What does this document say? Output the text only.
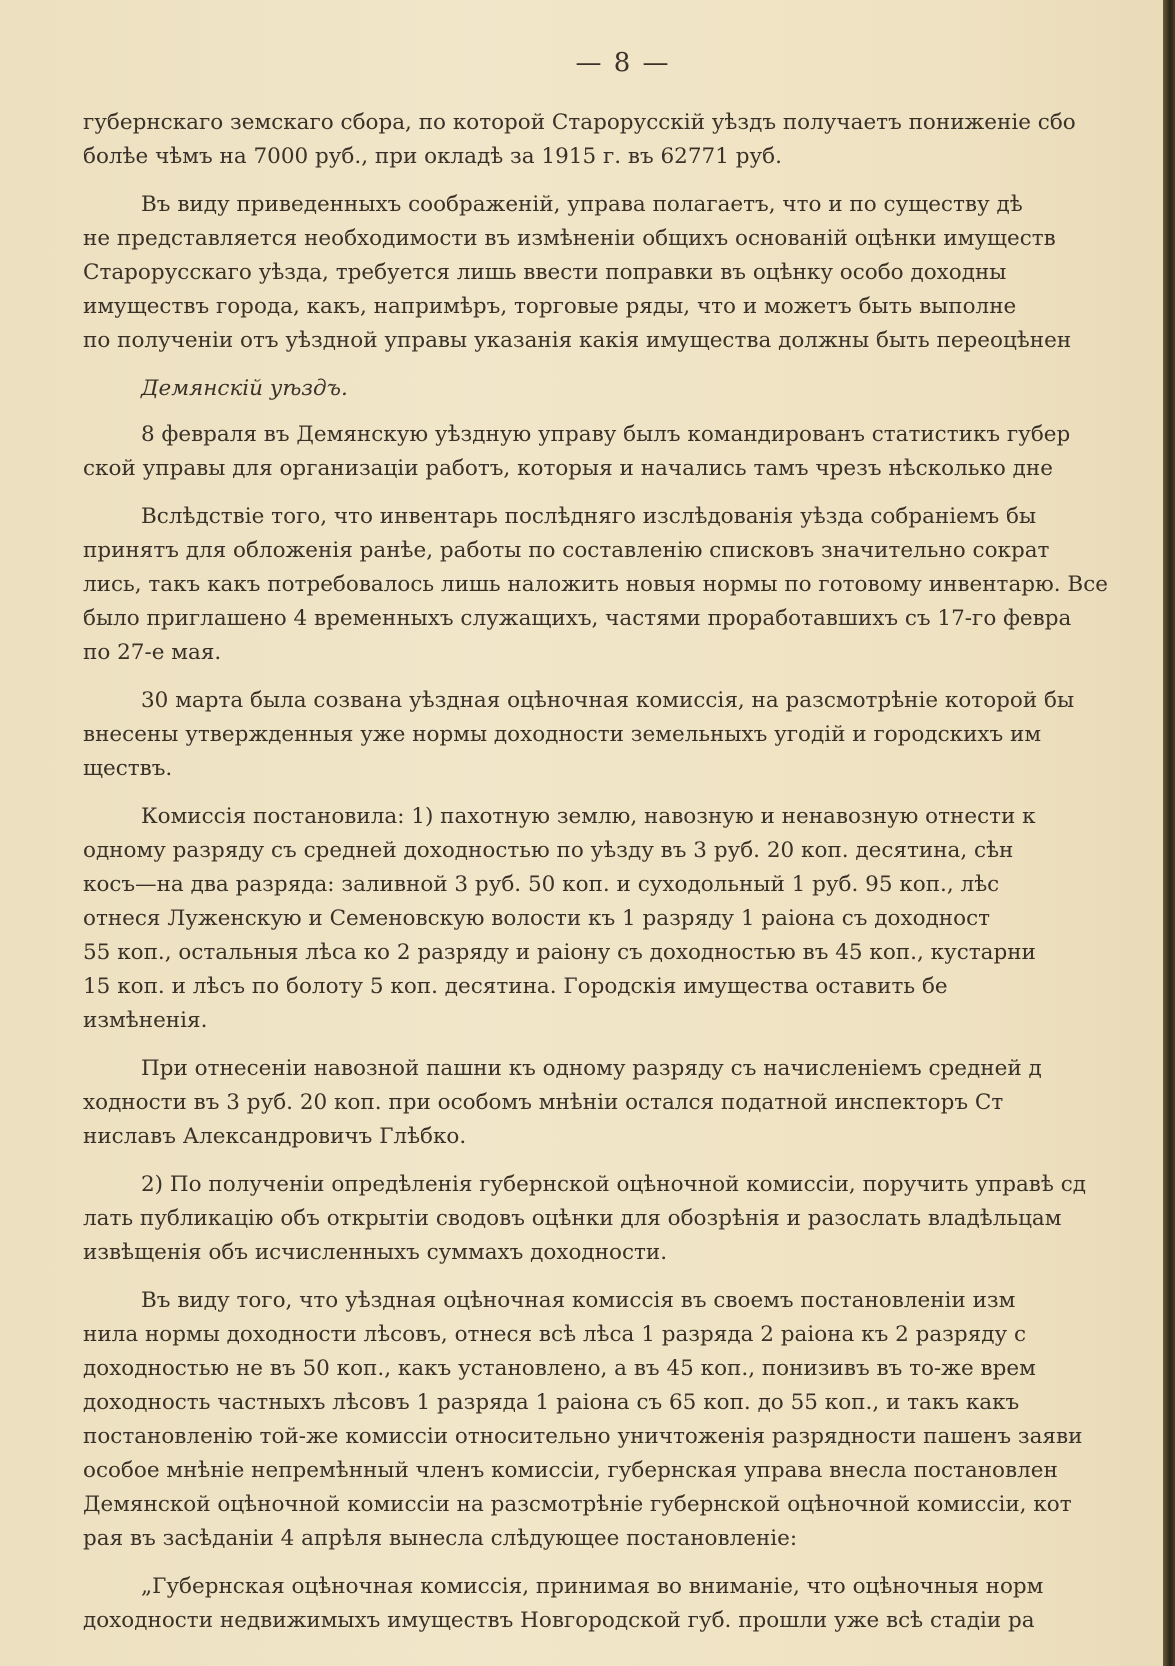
— 8 —
губернскаго земскаго сбора, по которой Старорусскій уѣздъ получаетъ пониженіе сбо
болѣе чѣмъ на 7000 руб., при окладѣ за 1915 г. въ 62771 руб.
Въ виду приведенныхъ соображеній, управа полагаетъ, что и по существу дѣ
не представляется необходимости въ измѣненіи общихъ основаній оцѣнки имуществ
Старорусскаго уѣзда, требуется лишь ввести поправки въ оцѣнку особо доходны
имуществъ города, какъ, напримѣръ, торговые ряды, что и можетъ быть выполне
по полученіи отъ уѣздной управы указанія какія имущества должны быть переоцѣнен
Демянскій уѣздъ.
8 февраля въ Демянскую уѣздную управу былъ командированъ статистикъ губер
ской управы для организаціи работъ, которыя и начались тамъ чрезъ нѣсколько дне
Вслѣдствіе того, что инвентарь послѣдняго изслѣдованія уѣзда собраніемъ бы
принятъ для обложенія ранѣе, работы по составленію списковъ значительно сократ
лись, такъ какъ потребовалось лишь наложить новыя нормы по готовому инвентарю. Все
было приглашено 4 временныхъ служащихъ, частями проработавшихъ съ 17-го февра
по 27-е мая.
30 марта была созвана уѣздная оцѣночная комиссія, на разсмотрѣніе которой бы
внесены утвержденныя уже нормы доходности земельныхъ угодій и городскихъ им
ществъ.
Комиссія постановила: 1) пахотную землю, навозную и ненавозную отнести к
одному разряду съ средней доходностью по уѣзду въ 3 руб. 20 коп. десятина, сѣн
косъ—на два разряда: заливной 3 руб. 50 коп. и суходольный 1 руб. 95 коп., лѣс
отнеся Луженскую и Семеновскую волости къ 1 разряду 1 раіона съ доходност
55 коп., остальныя лѣса ко 2 разряду и раіону съ доходностью въ 45 коп., кустарни
15 коп. и лѣсъ по болоту 5 коп. десятина. Городскія имущества оставить бе
измѣненія.
При отнесеніи навозной пашни къ одному разряду съ начисленіемъ средней д
ходности въ 3 руб. 20 коп. при особомъ мнѣніи остался податной инспекторъ Ст
ниславъ Александровичъ Глѣбко.
2) По полученіи опредѣленія губернской оцѣночной комиссіи, поручить управѣ сд
лать публикацію объ открытіи сводовъ оцѣнки для обозрѣнія и разослать владѣльцам
извѣщенія объ исчисленныхъ суммахъ доходности.
Въ виду того, что уѣздная оцѣночная комиссія въ своемъ постановленіи изм
нила нормы доходности лѣсовъ, отнеся всѣ лѣса 1 разряда 2 раіона къ 2 разряду с
доходностью не въ 50 коп., какъ установлено, а въ 45 коп., понизивъ въ то-же врем
доходность частныхъ лѣсовъ 1 разряда 1 раіона съ 65 коп. до 55 коп., и такъ какъ
постановленію той-же комиссіи относительно уничтоженія разрядности пашенъ заяви
особое мнѣніе непремѣнный членъ комиссіи, губернская управа внесла постановлен
Демянской оцѣночной комиссіи на разсмотрѣніе губернской оцѣночной комиссіи, кот
рая въ засѣданіи 4 апрѣля вынесла слѣдующее постановленіе:
„Губернская оцѣночная комиссія, принимая во вниманіе, что оцѣночныя норм
доходности недвижимыхъ имуществъ Новгородской губ. прошли уже всѣ стадіи ра
